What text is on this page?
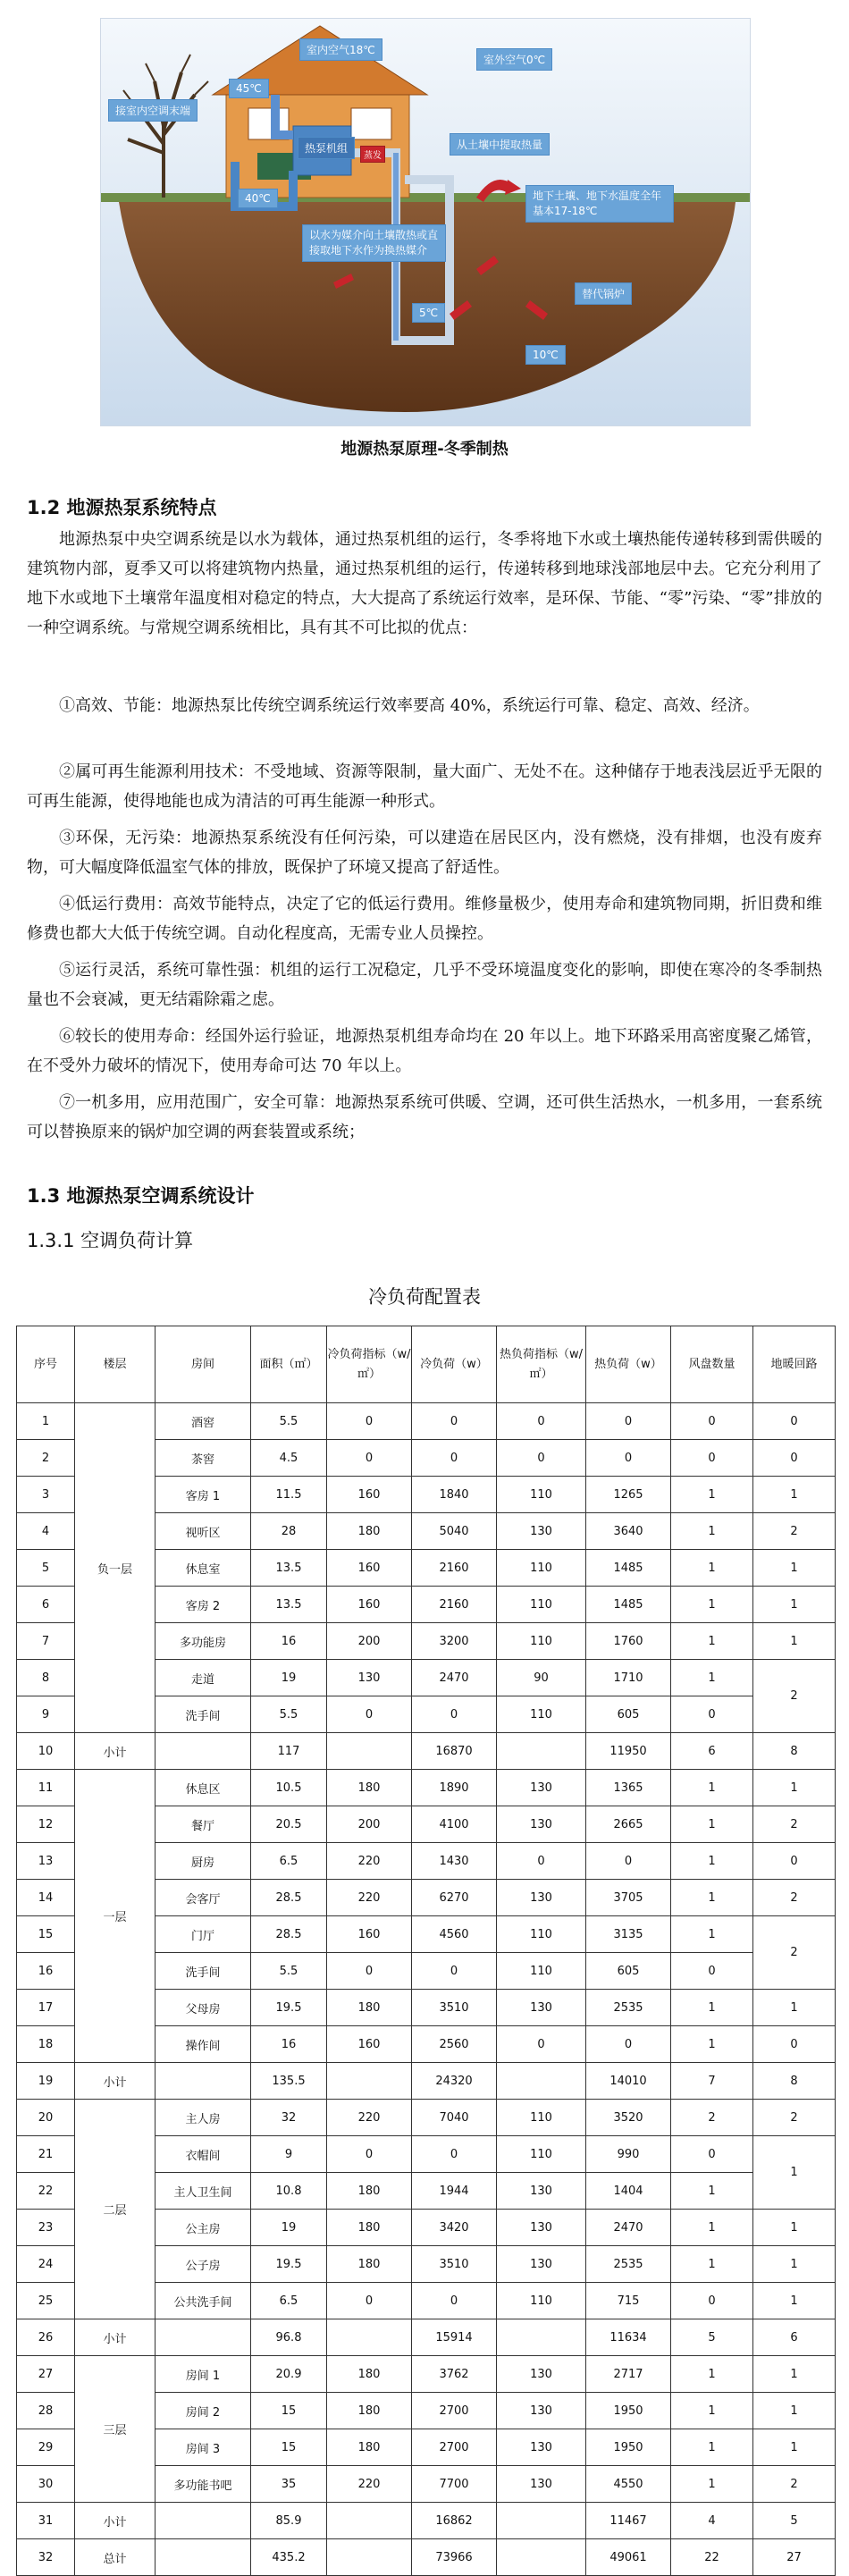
室内空气18℃
室外空气0℃
45℃
接室内空调末端
热泵机组
蒸发
从土壤中提取热量
40℃	地下土壤、地下水温度全年基本17-18℃
以水为媒介向土壤散热或直接取地下水作为换热媒介
5℃
替代锅炉
10℃
地源热泵原理-冬季制热
1.2 地源热泵系统特点
地源热泵中央空调系统是以水为载体，通过热泵机组的运行，冬季将地下水或土壤热能传递转移到需供暖的建筑物内部，夏季又可以将建筑物内热量，通过热泵机组的运行，传递转移到地球浅部地层中去。它充分利用了地下水或地下土壤常年温度相对稳定的特点，大大提高了系统运行效率，是环保、节能、“零”污染、“零”排放的一种空调系统。与常规空调系统相比，具有其不可比拟的优点：
①高效、节能：地源热泵比传统空调系统运行效率要高 40%，系统运行可靠、稳定、高效、经济。
②属可再生能源利用技术：不受地域、资源等限制，量大面广、无处不在。这种储存于地表浅层近乎无限的可再生能源，使得地能也成为清洁的可再生能源一种形式。
③环保，无污染：地源热泵系统没有任何污染，可以建造在居民区内，没有燃烧，没有排烟，也没有废弃物，可大幅度降低温室气体的排放，既保护了环境又提高了舒适性。
④低运行费用：高效节能特点，决定了它的低运行费用。维修量极少，使用寿命和建筑物同期，折旧费和维修费也都大大低于传统空调。自动化程度高，无需专业人员操控。
⑤运行灵活，系统可靠性强：机组的运行工况稳定，几乎不受环境温度变化的影响，即使在寒冷的冬季制热量也不会衰减，更无结霜除霜之虑。
⑥较长的使用寿命：经国外运行验证，地源热泵机组寿命均在 20 年以上。地下环路采用高密度聚乙烯管，在不受外力破坏的情况下，使用寿命可达 70 年以上。
⑦一机多用，应用范围广，安全可靠：地源热泵系统可供暖、空调，还可供生活热水，一机多用，一套系统可以替换原来的锅炉加空调的两套装置或系统；
1.3 地源热泵空调系统设计
1.3.1 空调负荷计算
冷负荷配置表
序号	楼层	房间	面积（㎡）	冷负荷指标（w/㎡）	冷负荷（w）	热负荷指标（w/㎡）	热负荷（w）	风盘数量	地暖回路
1	负一层	酒窖	5.5	0	0	0	0	0	0
2		茶窖	4.5	0	0	0	0	0	0
3		客房 1	11.5	160	1840	110	1265	1	1
4		视听区	28	180	5040	130	3640	1	2
5		休息室	13.5	160	2160	110	1485	1	1
6		客房 2	13.5	160	2160	110	1485	1	1
7		多功能房	16	200	3200	110	1760	1	1
8		走道	19	130	2470	90	1710	1	2
9		洗手间	5.5	0	0	110	605	0	
10	小计		117		16870		11950	6	8
11	一层	休息区	10.5	180	1890	130	1365	1	1
12		餐厅	20.5	200	4100	130	2665	1	2
13		厨房	6.5	220	1430	0	0	1	0
14		会客厅	28.5	220	6270	130	3705	1	2
15		门厅	28.5	160	4560	110	3135	1	2
16		洗手间	5.5	0	0	110	605	0	
17		父母房	19.5	180	3510	130	2535	1	1
18		操作间	16	160	2560	0	0	1	0
19	小计		135.5		24320		14010	7	8
20	二层	主人房	32	220	7040	110	3520	2	2
21		衣帽间	9	0	0	110	990	0	1
22		主人卫生间	10.8	180	1944	130	1404	1	
23		公主房	19	180	3420	130	2470	1	1
24		公子房	19.5	180	3510	130	2535	1	1
25		公共洗手间	6.5	0	0	110	715	0	1
26	小计		96.8		15914		11634	5	6
27	三层	房间 1	20.9	180	3762	130	2717	1	1
28		房间 2	15	180	2700	130	1950	1	1
29		房间 3	15	180	2700	130	1950	1	1
30		多功能书吧	35	220	7700	130	4550	1	2
31	小计		85.9		16862		11467	4	5
32	总计		435.2		73966		49061	22	27
